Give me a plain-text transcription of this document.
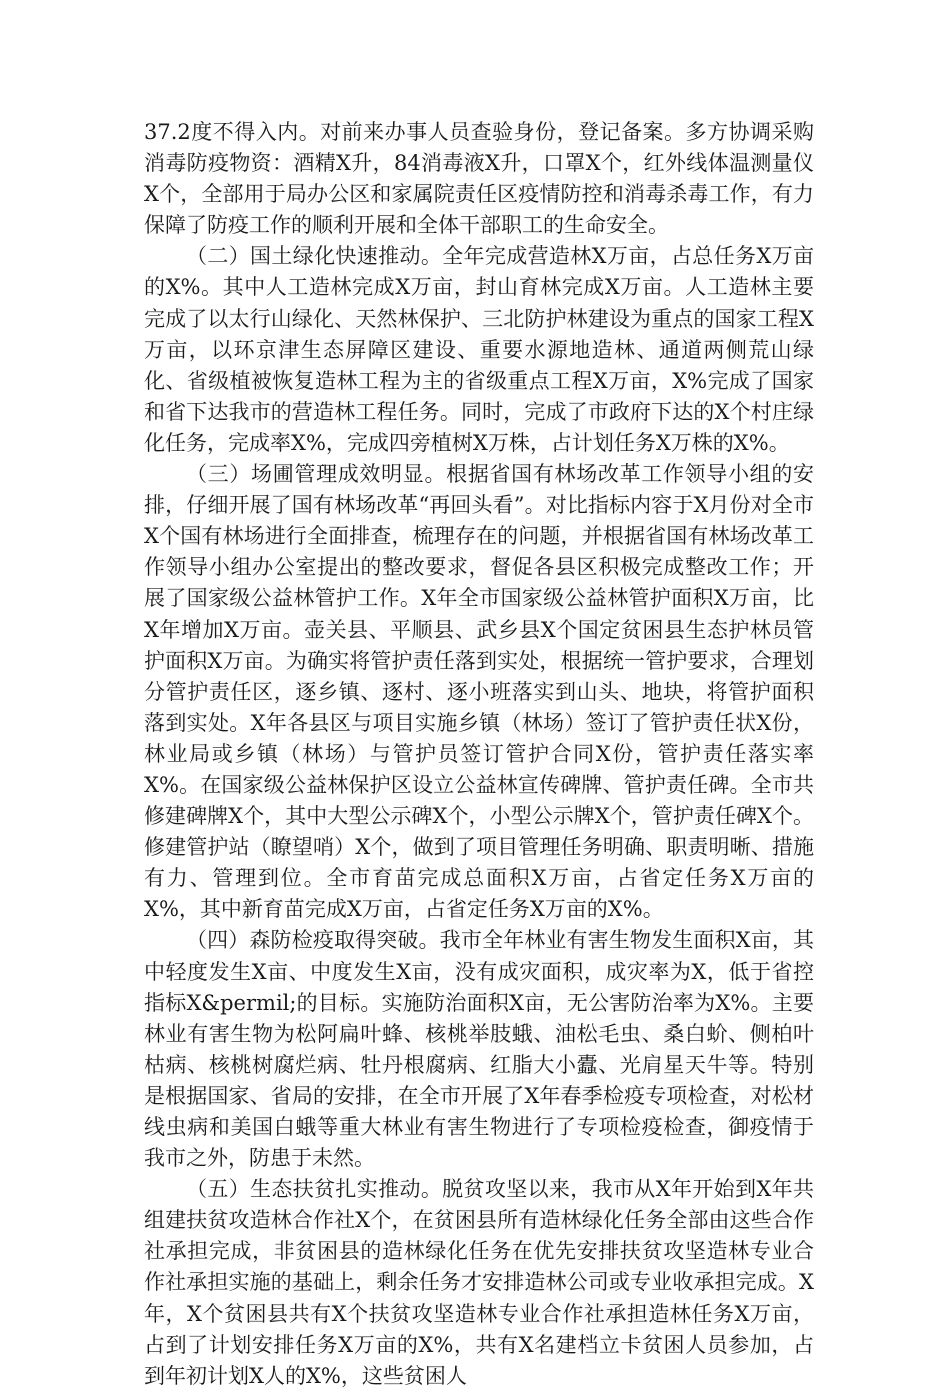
37.2度不得入内。对前来办事人员查验身份，登记备案。多方协调采购消毒防疫物资：酒精X升，84消毒液X升，口罩X个，红外线体温测量仪X个，全部用于局办公区和家属院责任区疫情防控和消毒杀毒工作，有力保障了防疫工作的顺利开展和全体干部职工的生命安全。

（二）国土绿化快速推动。全年完成营造林X万亩，占总任务X万亩的X%。其中人工造林完成X万亩，封山育林完成X万亩。人工造林主要完成了以太行山绿化、天然林保护、三北防护林建设为重点的国家工程X万亩，以环京津生态屏障区建设、重要水源地造林、通道两侧荒山绿化、省级植被恢复造林工程为主的省级重点工程X万亩，X%完成了国家和省下达我市的营造林工程任务。同时，完成了市政府下达的X个村庄绿化任务，完成率X%，完成四旁植树X万株，占计划任务X万株的X%。

（三）场圃管理成效明显。根据省国有林场改革工作领导小组的安排，仔细开展了国有林场改革“再回头看”。对比指标内容于X月份对全市X个国有林场进行全面排查，梳理存在的问题，并根据省国有林场改革工作领导小组办公室提出的整改要求，督促各县区积极完成整改工作；开展了国家级公益林管护工作。X年全市国家级公益林管护面积X万亩，比X年增加X万亩。壶关县、平顺县、武乡县X个国定贫困县生态护林员管护面积X万亩。为确实将管护责任落到实处，根据统一管护要求，合理划分管护责任区，逐乡镇、逐村、逐小班落实到山头、地块，将管护面积落到实处。X年各县区与项目实施乡镇（林场）签订了管护责任状X份，林业局或乡镇（林场）与管护员签订管护合同X份，管护责任落实率X%。在国家级公益林保护区设立公益林宣传碑牌、管护责任碑。全市共修建碑牌X个，其中大型公示碑X个，小型公示牌X个，管护责任碑X个。修建管护站（瞭望哨）X个，做到了项目管理任务明确、职责明晰、措施有力、管理到位。全市育苗完成总面积X万亩，占省定任务X万亩的X%，其中新育苗完成X万亩，占省定任务X万亩的X%。

（四）森防检疫取得突破。我市全年林业有害生物发生面积X亩，其中轻度发生X亩、中度发生X亩，没有成灾面积，成灾率为X，低于省控指标X&permil;的目标。实施防治面积X亩，无公害防治率为X%。主要林业有害生物为松阿扁叶蜂、核桃举肢蛾、油松毛虫、桑白蚧、侧柏叶枯病、核桃树腐烂病、牡丹根腐病、红脂大小蠹、光肩星天牛等。特别是根据国家、省局的安排，在全市开展了X年春季检疫专项检查，对松材线虫病和美国白蛾等重大林业有害生物进行了专项检疫检查，御疫情于我市之外，防患于未然。

（五）生态扶贫扎实推动。脱贫攻坚以来，我市从X年开始到X年共组建扶贫攻造林合作社X个，在贫困县所有造林绿化任务全部由这些合作社承担完成，非贫困县的造林绿化任务在优先安排扶贫攻坚造林专业合作社承担实施的基础上，剩余任务才安排造林公司或专业收承担完成。X年，X个贫困县共有X个扶贫攻坚造林专业合作社承担造林任务X万亩，占到了计划安排任务X万亩的X%，共有X名建档立卡贫困人员参加，占到年初计划X人的X%，这些贫困人
